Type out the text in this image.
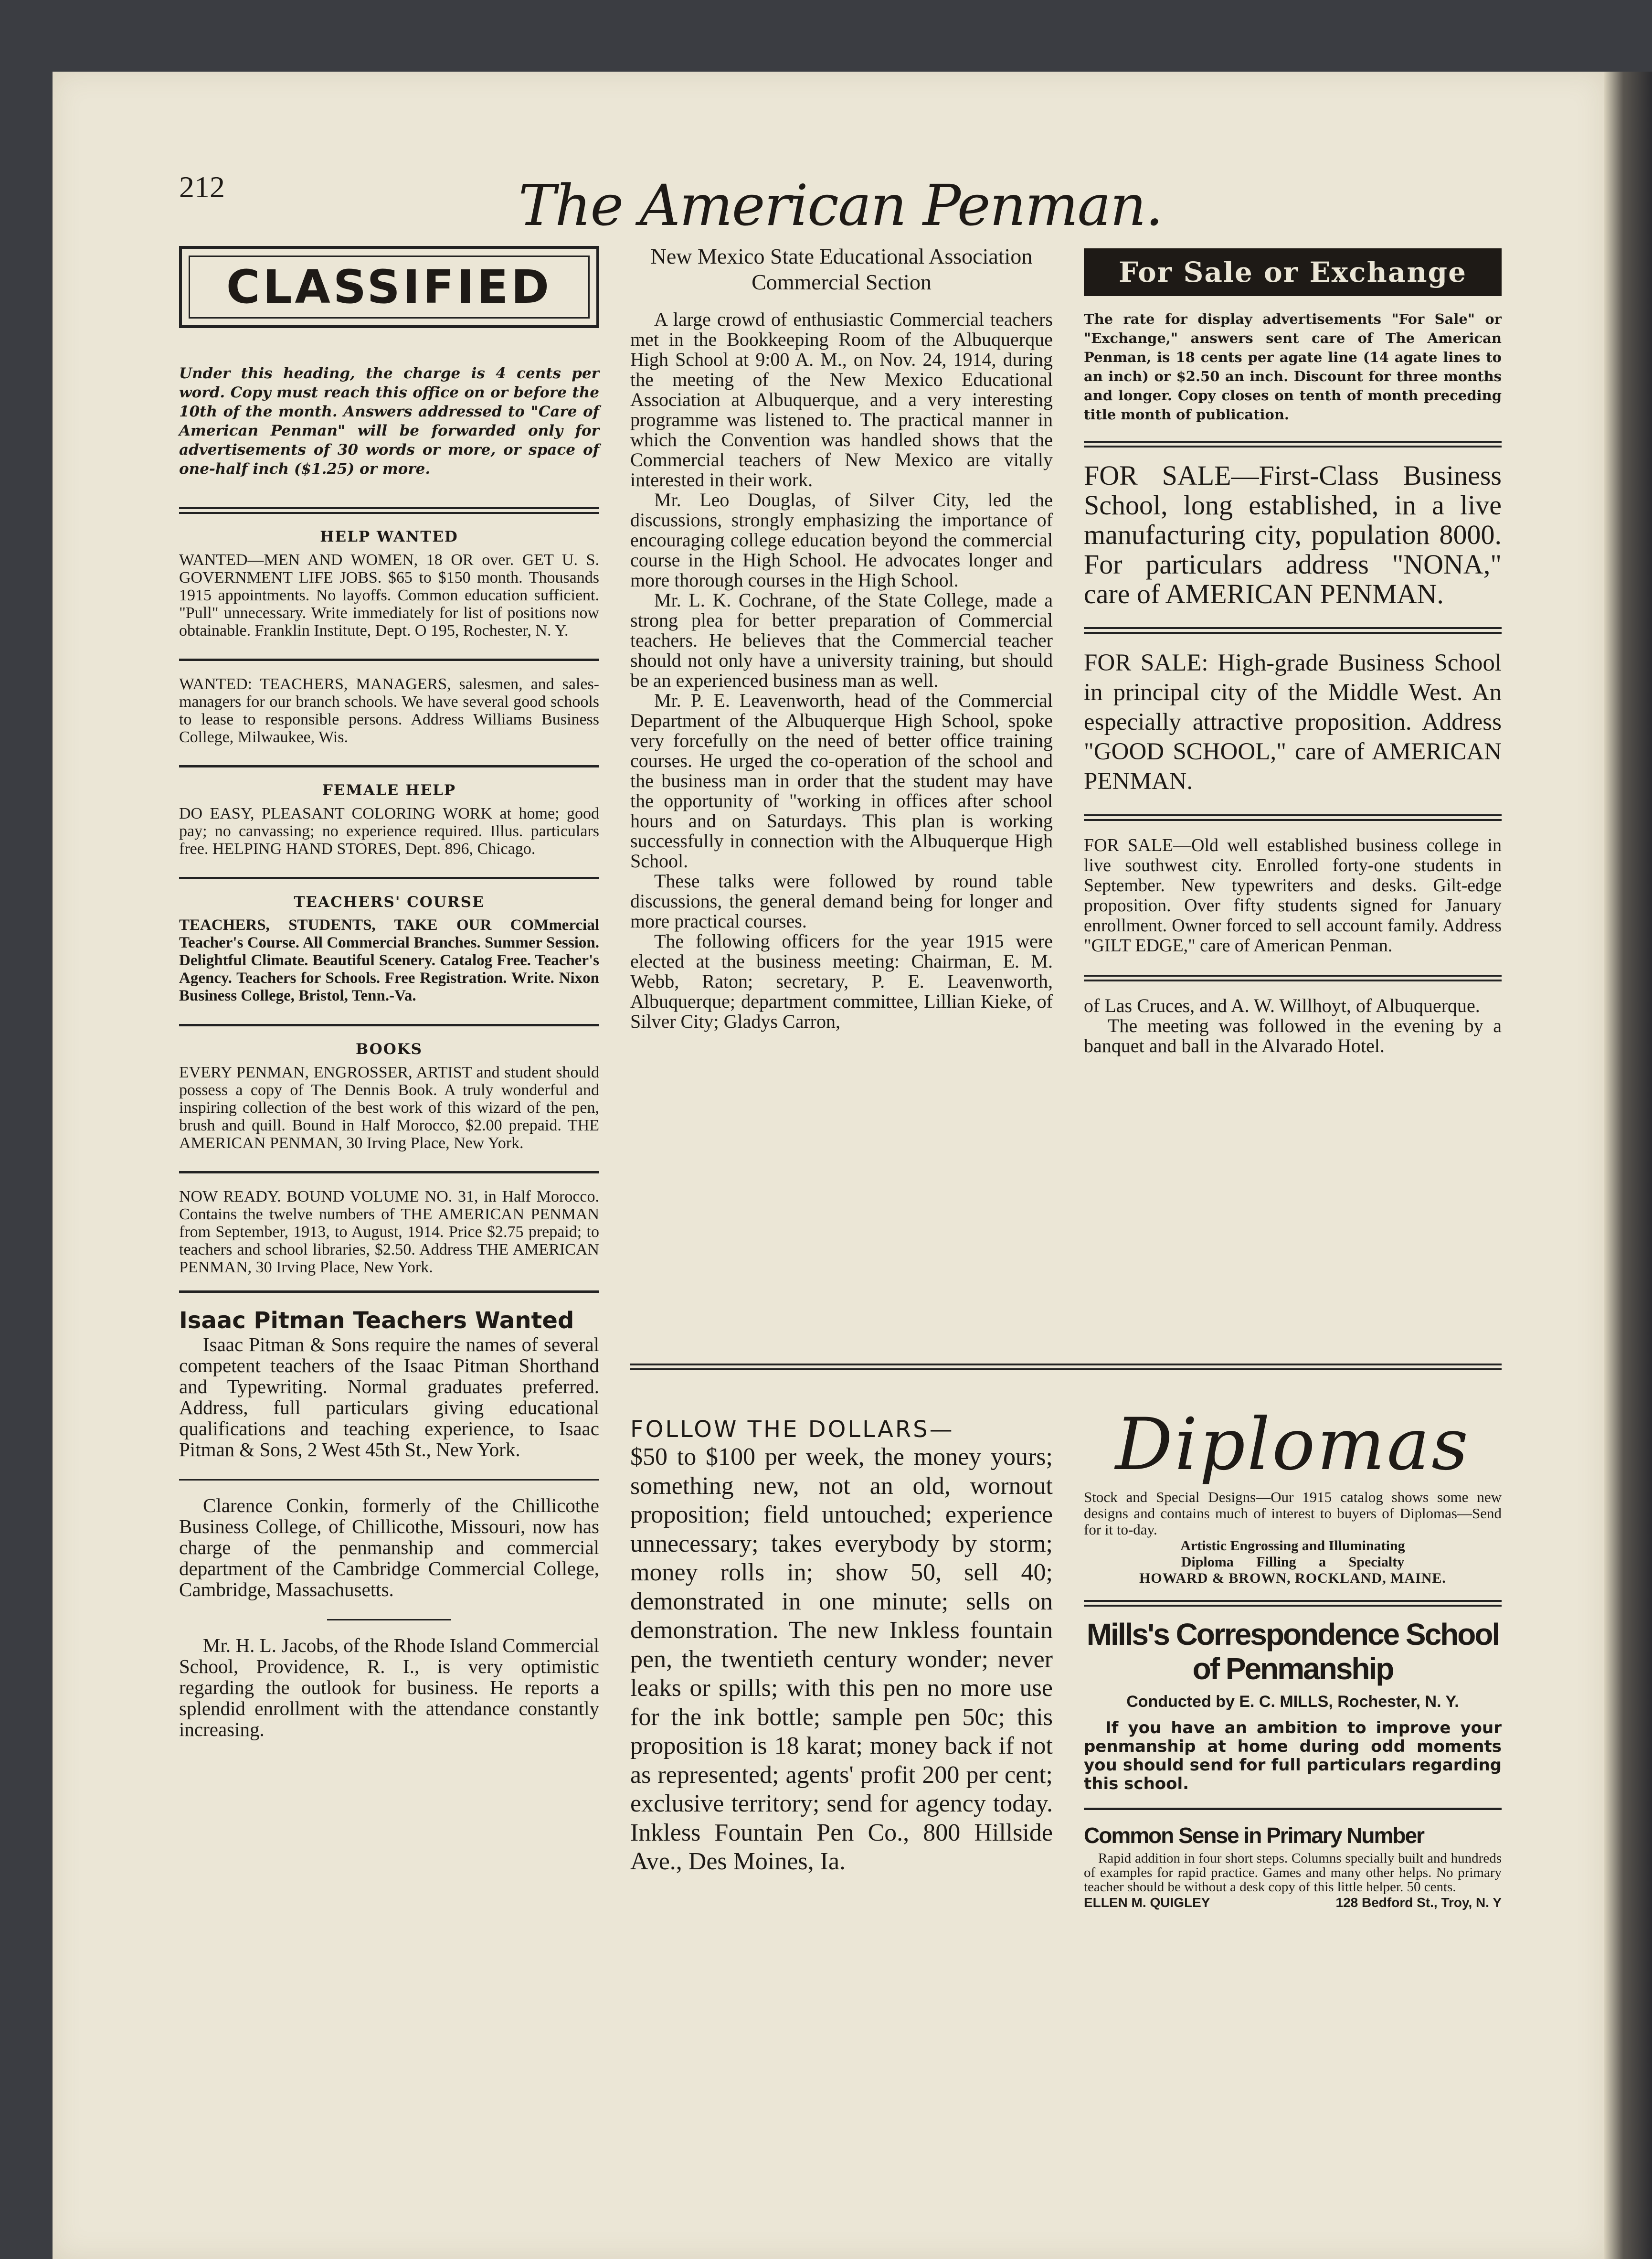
212	The American Penman.
CLASSIFIED

Under this heading, the charge is 4 cents per word. Copy must reach this office on or before the 10th of the month. Answers addressed to "Care of American Penman" will be forwarded only for advertisements of 30 words or more, or space of one-half inch ($1.25) or more.

HELP WANTED

WANTED—MEN AND WOMEN, 18 OR over. GET U. S. GOVERNMENT LIFE JOBS. $65 to $150 month. Thousands 1915 appointments. No layoffs. Common education sufficient. "Pull" unnecessary. Write immediately for list of positions now obtainable. Franklin Institute, Dept. O 195, Rochester, N. Y.

WANTED: TEACHERS, MANAGERS, salesmen, and sales-managers for our branch schools. We have several good schools to lease to responsible persons. Address Williams Business College, Milwaukee, Wis.

FEMALE HELP

DO EASY, PLEASANT COLORING WORK at home; good pay; no canvassing; no experience required. Illus. particulars free. HELPING HAND STORES, Dept. 896, Chicago.

TEACHERS' COURSE

TEACHERS, STUDENTS, TAKE OUR COMmercial Teacher's Course. All Commercial Branches. Summer Session. Delightful Climate. Beautiful Scenery. Catalog Free. Teacher's Agency. Teachers for Schools. Free Registration. Write. Nixon Business College, Bristol, Tenn.-Va.

BOOKS

EVERY PENMAN, ENGROSSER, ARTIST and student should possess a copy of The Dennis Book. A truly wonderful and inspiring collection of the best work of this wizard of the pen, brush and quill. Bound in Half Morocco, $2.00 prepaid. THE AMERICAN PENMAN, 30 Irving Place, New York.

NOW READY. BOUND VOLUME NO. 31, in Half Morocco. Contains the twelve numbers of THE AMERICAN PENMAN from September, 1913, to August, 1914. Price $2.75 prepaid; to teachers and school libraries, $2.50. Address THE AMERICAN PENMAN, 30 Irving Place, New York.

Isaac Pitman Teachers Wanted

Isaac Pitman & Sons require the names of several competent teachers of the Isaac Pitman Shorthand and Typewriting. Normal graduates preferred. Address, full particulars giving educational qualifications and teaching experience, to Isaac Pitman & Sons, 2 West 45th St., New York.

Clarence Conkin, formerly of the Chillicothe Business College, of Chillicothe, Missouri, now has charge of the penmanship and commercial department of the Cambridge Commercial College, Cambridge, Massachusetts.

Mr. H. L. Jacobs, of the Rhode Island Commercial School, Providence, R. I., is very optimistic regarding the outlook for business. He reports a splendid enrollment with the attendance constantly increasing.

New Mexico State Educational Association Commercial Section

A large crowd of enthusiastic Commercial teachers met in the Bookkeeping Room of the Albuquerque High School at 9:00 A. M., on Nov. 24, 1914, during the meeting of the New Mexico Educational Association at Albuquerque, and a very interesting programme was listened to. The practical manner in which the Convention was handled shows that the Commercial teachers of New Mexico are vitally interested in their work.

Mr. Leo Douglas, of Silver City, led the discussions, strongly emphasizing the importance of encouraging college education beyond the commercial course in the High School. He advocates longer and more thorough courses in the High School.

Mr. L. K. Cochrane, of the State College, made a strong plea for better preparation of Commercial teachers. He believes that the Commercial teacher should not only have a university training, but should be an experienced business man as well.

Mr. P. E. Leavenworth, head of the Commercial Department of the Albuquerque High School, spoke very forcefully on the need of better office training courses. He urged the co-operation of the school and the business man in order that the student may have the opportunity of "working in offices after school hours and on Saturdays. This plan is working successfully in connection with the Albuquerque High School.

These talks were followed by round table discussions, the general demand being for longer and more practical courses.

The following officers for the year 1915 were elected at the business meeting: Chairman, E. M. Webb, Raton; secretary, P. E. Leavenworth, Albuquerque; department committee, Lillian Kieke, of Silver City; Gladys Carron,

For Sale or Exchange

The rate for display advertisements "For Sale" or "Exchange," answers sent care of The American Penman, is 18 cents per agate line (14 agate lines to an inch) or $2.50 an inch. Discount for three months and longer. Copy closes on tenth of month preceding title month of publication.

FOR SALE—First-Class Business School, long established, in a live manufacturing city, population 8000. For particulars address "NONA," care of AMERICAN PENMAN.

FOR SALE: High-grade Business School in principal city of the Middle West. An especially attractive proposition. Address "GOOD SCHOOL," care of AMERICAN PENMAN.

FOR SALE—Old well established business college in live southwest city. Enrolled forty-one students in September. New typewriters and desks. Gilt-edge proposition. Over fifty students signed for January enrollment. Owner forced to sell account family. Address "GILT EDGE," care of American Penman.

of Las Cruces, and A. W. Willhoyt, of Albuquerque.

The meeting was followed in the evening by a banquet and ball in the Alvarado Hotel.

FOLLOW THE DOLLARS—

$50 to $100 per week, the money yours; something new, not an old, wornout proposition; field untouched; experience unnecessary; takes everybody by storm; money rolls in; show 50, sell 40; demonstrated in one minute; sells on demonstration. The new Inkless fountain pen, the twentieth century wonder; never leaks or spills; with this pen no more use for the ink bottle; sample pen 50c; this proposition is 18 karat; money back if not as represented; agents' profit 200 per cent; exclusive territory; send for agency today. Inkless Fountain Pen Co., 800 Hillside Ave., Des Moines, Ia.

Diplomas

Stock and Special Designs—Our 1915 catalog shows some new designs and contains much of interest to buyers of Diplomas—Send for it to-day.

Artistic Engrossing and Illuminating
Diploma Filling a Specialty
HOWARD & BROWN, ROCKLAND, MAINE.
Mills's Correspondence School
of Penmanship
Conducted by E. C. MILLS, Rochester, N. Y.

If you have an ambition to improve your penmanship at home during odd moments you should send for full particulars regarding this school.

Common Sense in Primary Number

Rapid addition in four short steps. Columns specially built and hundreds of examples for rapid practice. Games and many other helps. No primary teacher should be without a desk copy of this little helper. 50 cents.

ELLEN M. QUIGLEY	128 Bedford St., Troy, N. Y
